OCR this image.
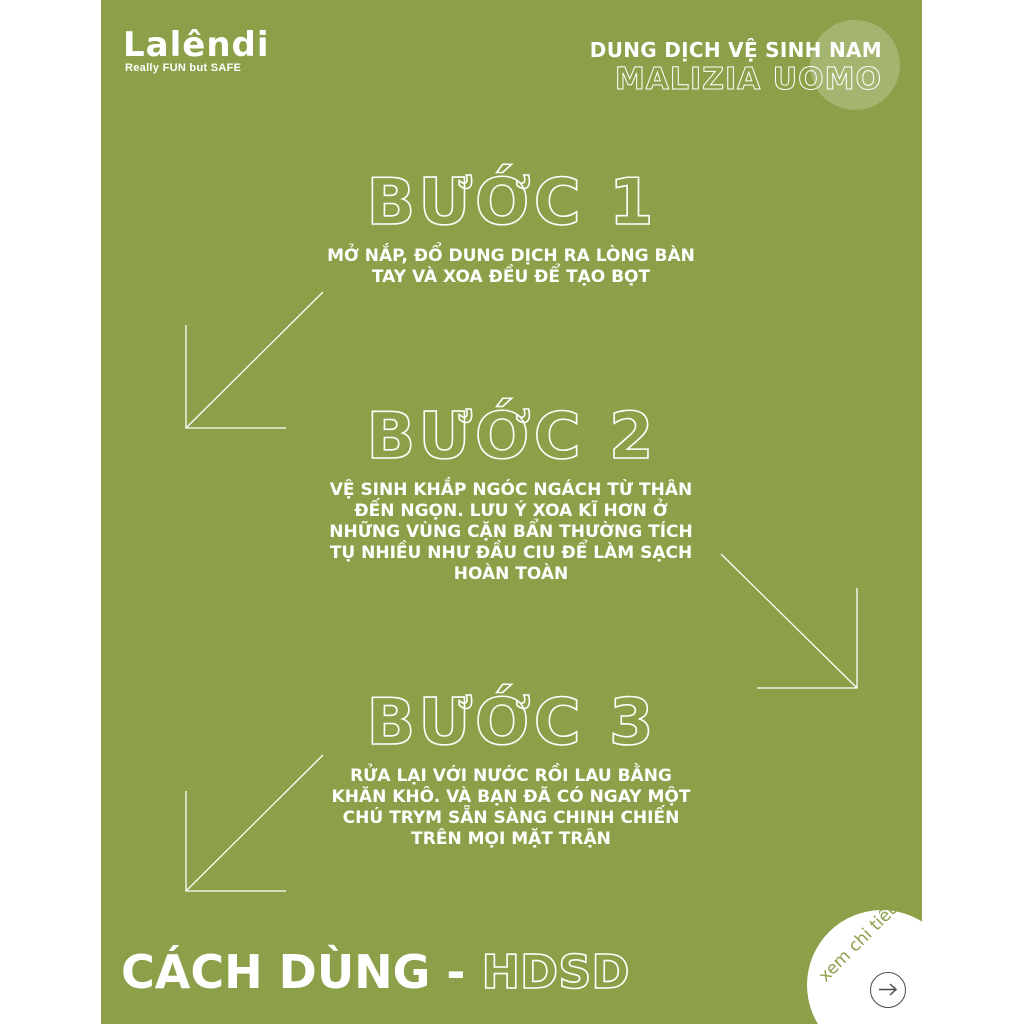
Lalêndi
Really FUN but SAFE
DUNG DỊCH VỆ SINH NAM
MALIZIA UOMO
BƯỚC 1
MỞ NẮP, ĐỔ DUNG DỊCH RA LÒNG BÀN
TAY VÀ XOA ĐỀU ĐỂ TẠO BỌT
BƯỚC 2
VỆ SINH KHẮP NGÓC NGÁCH TỪ THÂN
ĐẾN NGỌN. LƯU Ý XOA KĨ HƠN Ở
NHỮNG VÙNG CẶN BẨN THƯỜNG TÍCH
TỤ NHIỀU NHƯ ĐẦU CIU ĐỂ LÀM SẠCH
HOÀN TOÀN
BƯỚC 3
RỬA LẠI VỚI NƯỚC RỒI LAU BẰNG
KHĂN KHÔ. VÀ BẠN ĐÃ CÓ NGAY MỘT
CHÚ TRYM SẴN SÀNG CHINH CHIẾN
TRÊN MỌI MẶT TRẬN
CÁCH DÙNG - HDSD	xem chi tiết
